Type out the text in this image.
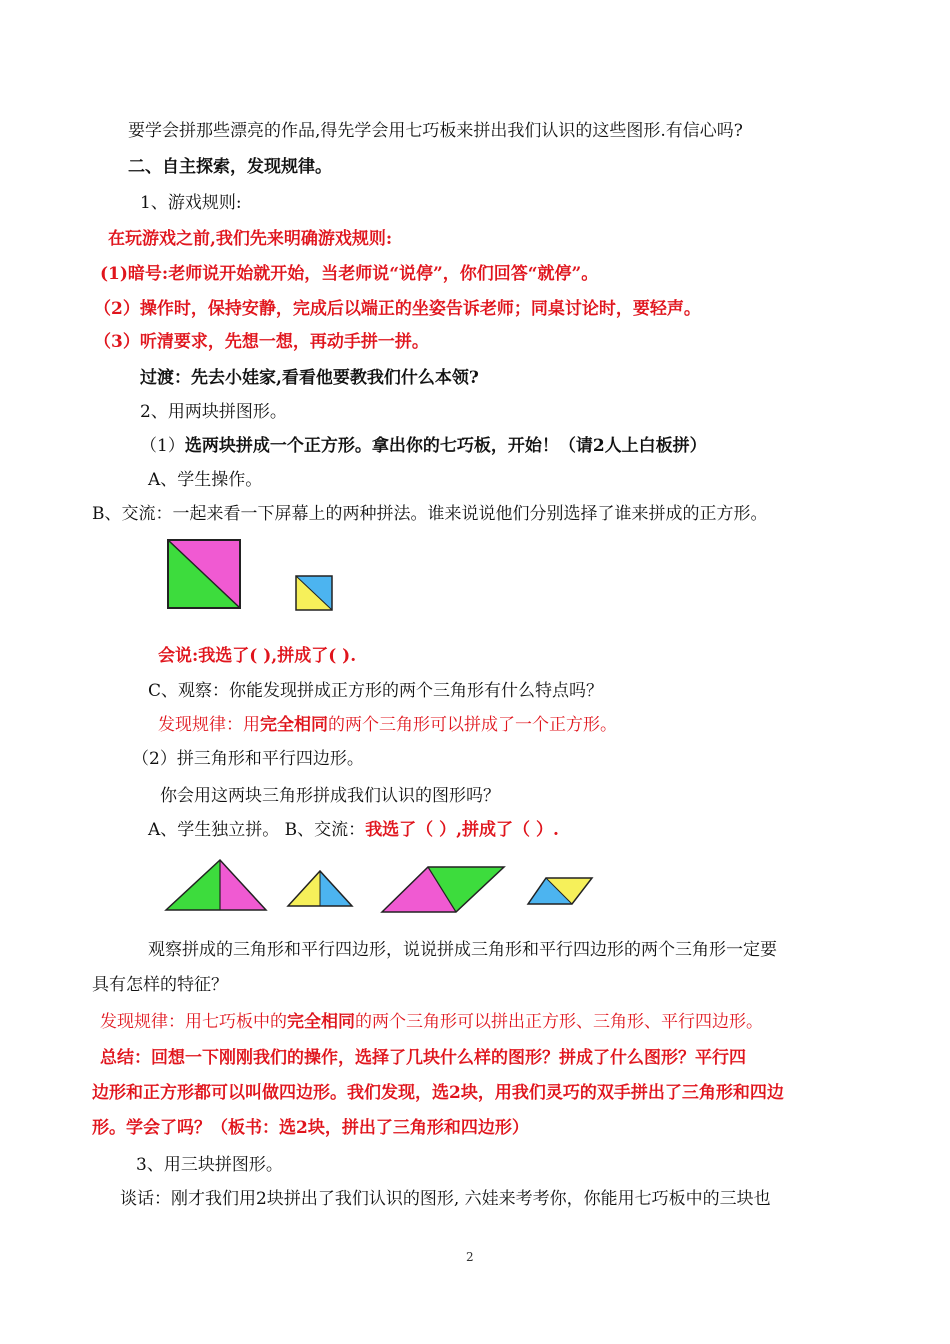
要学会拼那些漂亮的作品,得先学会用七巧板来拼出我们认识的这些图形.有信心吗?
二、自主探索，发现规律。
1、游戏规则:
在玩游戏之前,我们先来明确游戏规则:
(1)暗号:老师说开始就开始，当老师说“说停”，你们回答“就停”。
（2）操作时，保持安静，完成后以端正的坐姿告诉老师；同桌讨论时，要轻声。
（3）听清要求，先想一想，再动手拼一拼。
过渡：先去小娃家,看看他要教我们什么本领?
2、用两块拼图形。
（1）选两块拼成一个正方形。拿出你的七巧板，开始！（请2人上白板拼）
A、学生操作。
B、交流：一起来看一下屏幕上的两种拼法。谁来说说他们分别选择了谁来拼成的正方形。
会说:我选了( ),拼成了( ).
C、观察：你能发现拼成正方形的两个三角形有什么特点吗？
发现规律：用完全相同的两个三角形可以拼成了一个正方形。
（2）拼三角形和平行四边形。
你会用这两块三角形拼成我们认识的图形吗？
A、学生独立拼。 B、交流：我选了（ ）,拼成了（ ）.
观察拼成的三角形和平行四边形，说说拼成三角形和平行四边形的两个三角形一定要
具有怎样的特征？
发现规律：用七巧板中的完全相同的两个三角形可以拼出正方形、三角形、平行四边形。
总结：回想一下刚刚我们的操作，选择了几块什么样的图形？拼成了什么图形？平行四
边形和正方形都可以叫做四边形。我们发现，选2块，用我们灵巧的双手拼出了三角形和四边
形。学会了吗？（板书：选2块，拼出了三角形和四边形）
3、用三块拼图形。
谈话：刚才我们用2块拼出了我们认识的图形, 六娃来考考你，你能用七巧板中的三块也
2
